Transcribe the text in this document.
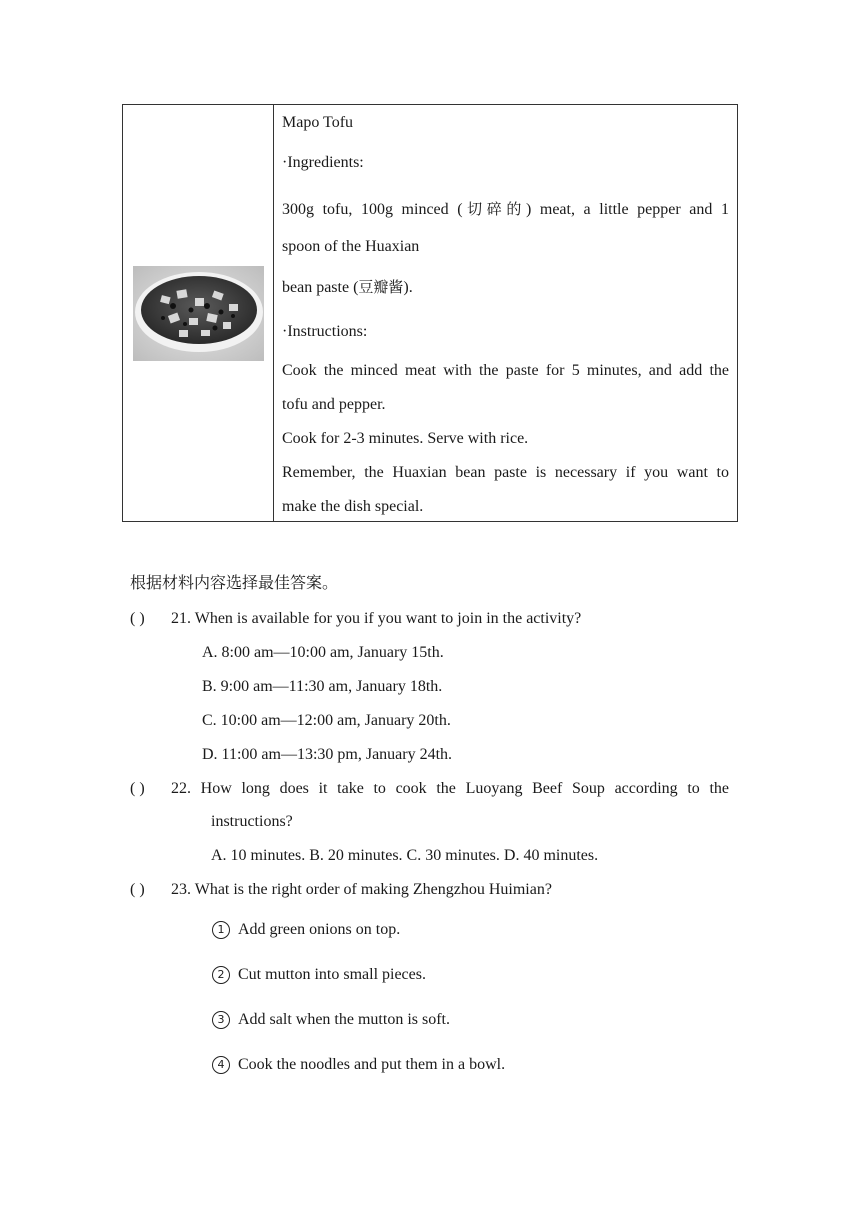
Mapo Tofu
·Ingredients:
300g tofu, 100g minced (切碎的) meat, a little pepper and 1
spoon of the Huaxian
bean paste (豆瓣酱).
·Instructions:
Cook the minced meat with the paste for 5 minutes, and add the
tofu and pepper.
Cook for 2-3 minutes. Serve with rice.
Remember, the Huaxian bean paste is necessary if you want to
make the dish special.
根据材料内容选择最佳答案。
( ) 21. When is available for you if you want to join in the activity?
A. 8:00 am—10:00 am, January 15th.
B. 9:00 am—11:30 am, January 18th.
C. 10:00 am—12:00 am, January 20th.
D. 11:00 am—13:30 pm, January 24th.
( ) 22. How long does it take to cook the Luoyang Beef Soup according to the
instructions?
A. 10 minutes. B. 20 minutes. C. 30 minutes. D. 40 minutes.
( ) 23. What is the right order of making Zhengzhou Huimian?
1 Add green onions on top.
2 Cut mutton into small pieces.
3 Add salt when the mutton is soft.
4 Cook the noodles and put them in a bowl.
